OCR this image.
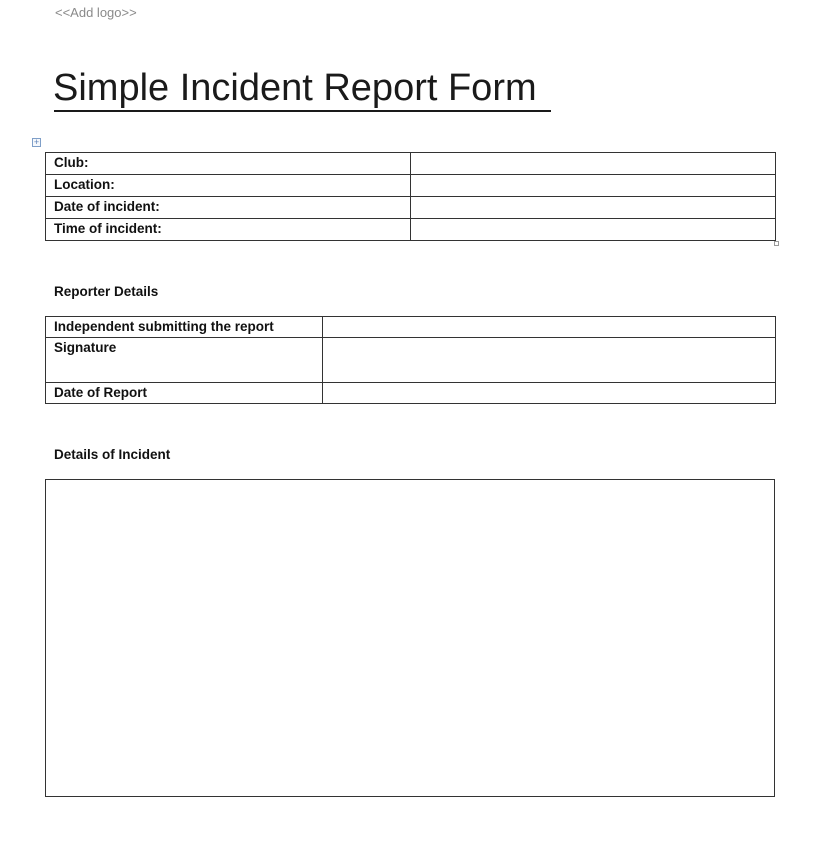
<<Add logo>>
Simple Incident Report Form
+
Club:	
Location:	
Date of incident:	
Time of incident:	
Reporter Details
Independent submitting the report	
Signature	
Date of Report	
Details of Incident
